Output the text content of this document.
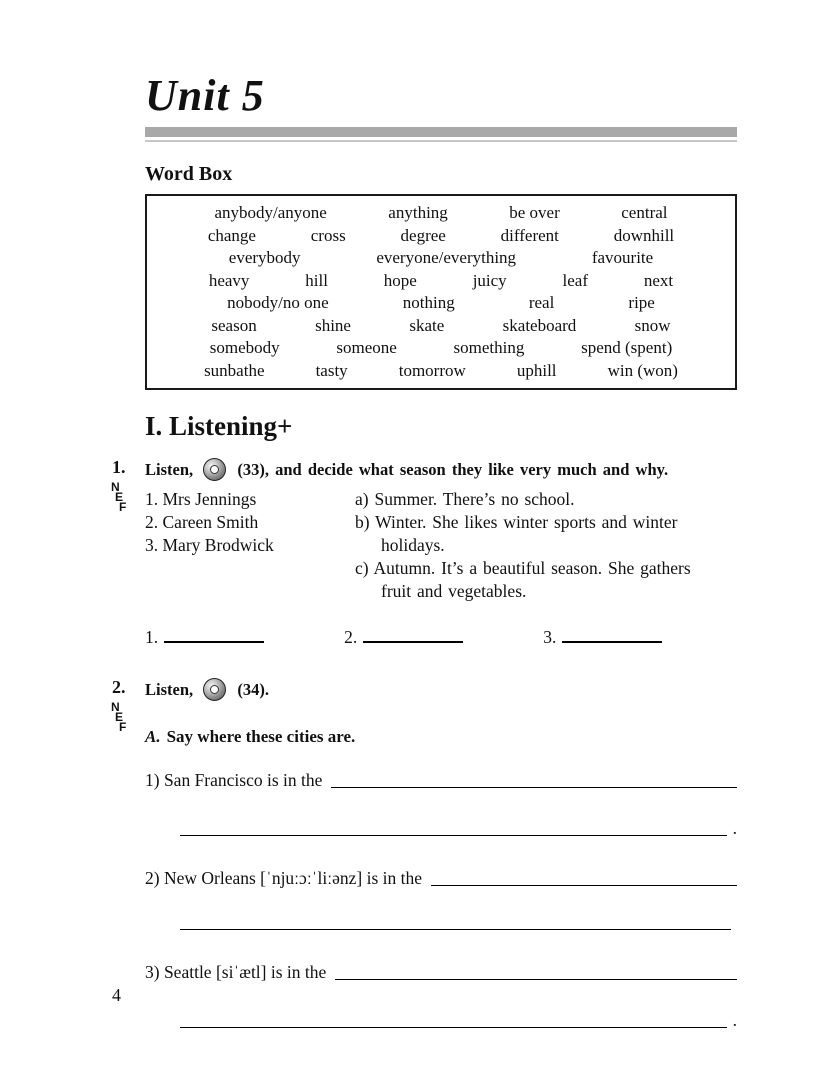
Unit 5
Word Box
anybody/anyone	anything	be over	central
change	cross	degree	different	downhill
everybody	everyone/everything	favourite
heavy	hill	hope	juicy	leaf	next
nobody/no one	nothing	real	ripe
season	shine	skate	skateboard	snow
somebody	someone	something	spend (spent)
sunbathe	tasty	tomorrow	uphill	win (won)
I. Listening+
1.
N
E
F

Listen,	(33), and decide what season they like very much and why.

1. Mrs Jennings
2. Careen Smith
3. Mary Brodwick
a) Summer. There’s no school.
b) Winter. She likes winter sports and winter holidays.
c) Autumn. It’s a beautiful season. She gathers fruit and vegetables.
1.	2.	3.
2.
N
E
F

Listen,	(34).

A. Say where these cities are.

1) San Francisco is in the
.
2) New Orleans [ˈnjuːɔːˈliːənz] is in the
3) Seattle [siˈætl] is in the
.
4
